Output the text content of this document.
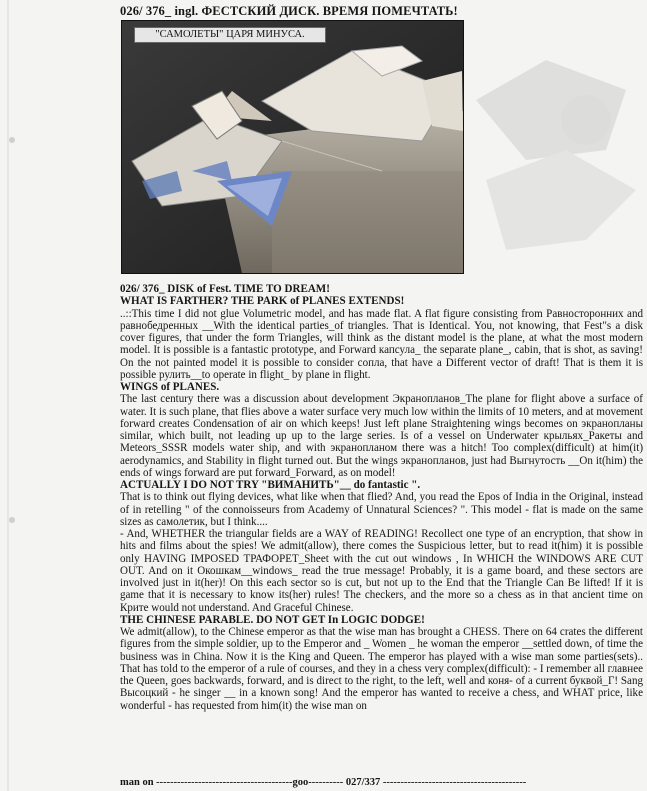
026/ 376_ ingl. ФЕСТСКИЙ ДИСК. ВРЕМЯ ПОМЕЧТАТЬ!
"САМОЛЕТЫ" ЦАРЯ МИНУСА.

026/ 376_ DISK of Fest. TIME TO DREAM!

WHAT IS FARTHER? THE PARK of PLANES EXTENDS!

..::This time I did not glue Volumetric model, and has made flat. A flat figure consisting from Равносторонних and равнобедренных __With the identical parties_of triangles. That is Identical. You, not knowing, that Fest"s a disk cover figures, that under the form Triangles, will think as the distant model is the plane, at what the most modern model. It is possible is a fantastic prototype, and Forward капсула_ the separate plane_, cabin, that is shot, as saving! On the not painted model it is possible to consider сопла, that have a Different vector of draft! That is them it is possible рулить__to operate in flight_ by plane in flight.

WINGS of PLANES.

The last century there was a discussion about development Экранопланов_The plane for flight above a surface of water. It is such plane, that flies above a water surface very much low within the limits of 10 meters, and at movement forward creates Condensation of air on which keeps! Just left plane Straightening wings becomes on экранопланы similar, which built, not leading up up to the large series. Is of a vessel on Underwater крыльях_Ракеты and Meteors_SSSR models water ship, and with экранопланом there was a hitch! Too complex(difficult) at him(it) aerodynamics, and Stability in flight turned out. But the wings экранопланов, just had Выгнутость __On it(him) the ends of wings forward are put forward_Forward, as on model!

ACTUALLY I DO NOT TRY "ВИМАНИТЬ"__ do fantastic ".

That is to think out flying devices, what like when that flied? And, you read the Epos of India in the Original, instead of in retelling " of the connoisseurs from Academy of Unnatural Sciences? ". This model - flat is made on the same sizes as самолетик, but I think....

- And, WHETHER the triangular fields are a WAY of READING! Recollect one type of an encryption, that show in hits and films about the spies! We admit(allow), there comes the Suspicious letter, but to read it(him) it is possible only HAVING IMPOSED ТРАФОРЕТ_Sheet with the cut out windows , In WHICH the WINDOWS ARE CUT OUT. And on it Окошкам__windows_ read the true message! Probably, it is a game board, and these sectors are involved just in it(her)! On this each sector so is cut, but not up to the End that the Triangle Can Be lifted! If it is game that it is necessary to know its(her) rules! The checkers, and the more so a chess as in that ancient time on Крите would not understand. And Graceful Chinese.

THE CHINESE PARABLE. DO NOT GET In LOGIC DODGE!

We admit(allow), to the Chinese emperor as that the wise man has brought a CHESS. There on 64 crates the different figures from the simple soldier, up to the Emperor and _ Women _ he woman the emperor __settled down, of time the business was in China. Now it is the King and Queen. The emperor has played with a wise man some parties(sets).. That has told to the emperor of a rule of courses, and they in a chess very complex(difficult): - I remember all главнее the Queen, goes backwards, forward, and is direct to the right, to the left, well and коня- of a current буквой_Г! Sang Высоцкий - he singer __ in a known song! And the emperor has wanted to receive a chess, and WHAT price, like wonderful - has requested from him(it) the wise man on

man on ---------------------------------------goo---------- 027/337 -----------------------------------------
